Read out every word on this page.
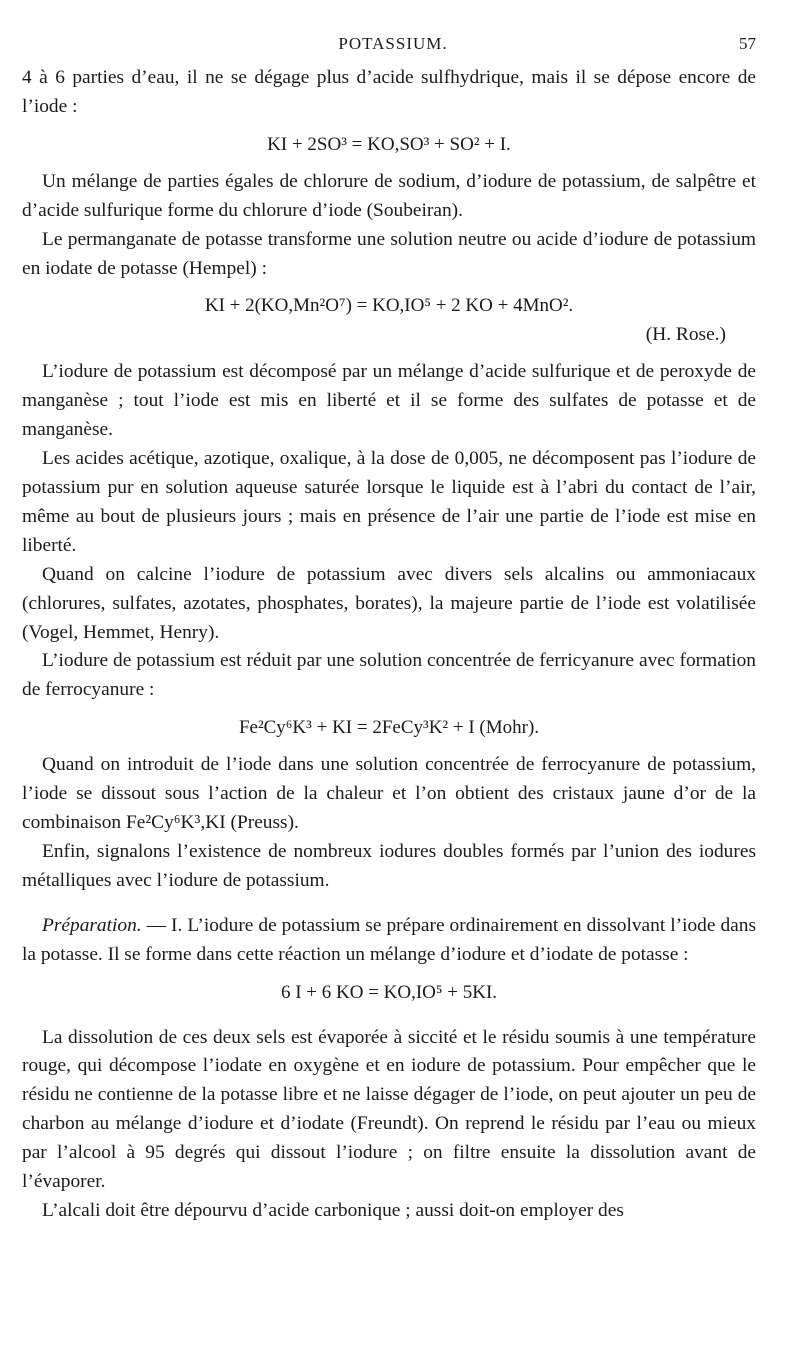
POTASSIUM.	57

4 à 6 parties d’eau, il ne se dégage plus d’acide sulfhydrique, mais il se dépose encore de l’iode :

KI + 2SO³ = KO,SO³ + SO² + I.

Un mélange de parties égales de chlorure de sodium, d’iodure de potassium, de salpêtre et d’acide sulfurique forme du chlorure d’iode (Soubeiran).

Le permanganate de potasse transforme une solution neutre ou acide d’iodure de potassium en iodate de potasse (Hempel) :

KI + 2(KO,Mn²O⁷) = KO,IO⁵ + 2 KO + 4MnO².

(H. Rose.)

L’iodure de potassium est décomposé par un mélange d’acide sulfurique et de peroxyde de manganèse ; tout l’iode est mis en liberté et il se forme des sulfates de potasse et de manganèse.

Les acides acétique, azotique, oxalique, à la dose de 0,005, ne décomposent pas l’iodure de potassium pur en solution aqueuse saturée lorsque le liquide est à l’abri du contact de l’air, même au bout de plusieurs jours ; mais en présence de l’air une partie de l’iode est mise en liberté.

Quand on calcine l’iodure de potassium avec divers sels alcalins ou ammoniacaux (chlorures, sulfates, azotates, phosphates, borates), la majeure partie de l’iode est volatilisée (Vogel, Hemmet, Henry).

L’iodure de potassium est réduit par une solution concentrée de ferricyanure avec formation de ferrocyanure :

Fe²Cy⁶K³ + KI = 2FeCy³K² + I (Mohr).

Quand on introduit de l’iode dans une solution concentrée de ferrocyanure de potassium, l’iode se dissout sous l’action de la chaleur et l’on obtient des cristaux jaune d’or de la combinaison Fe²Cy⁶K³,KI (Preuss).

Enfin, signalons l’existence de nombreux iodures doubles formés par l’union des iodures métalliques avec l’iodure de potassium.

Préparation. — I. L’iodure de potassium se prépare ordinairement en dissolvant l’iode dans la potasse. Il se forme dans cette réaction un mélange d’iodure et d’iodate de potasse :

6 I + 6 KO = KO,IO⁵ + 5KI.

La dissolution de ces deux sels est évaporée à siccité et le résidu soumis à une température rouge, qui décompose l’iodate en oxygène et en iodure de potassium. Pour empêcher que le résidu ne contienne de la potasse libre et ne laisse dégager de l’iode, on peut ajouter un peu de charbon au mélange d’iodure et d’iodate (Freundt). On reprend le résidu par l’eau ou mieux par l’alcool à 95 degrés qui dissout l’iodure ; on filtre ensuite la dissolution avant de l’évaporer.

L’alcali doit être dépourvu d’acide carbonique ; aussi doit-on employer des
